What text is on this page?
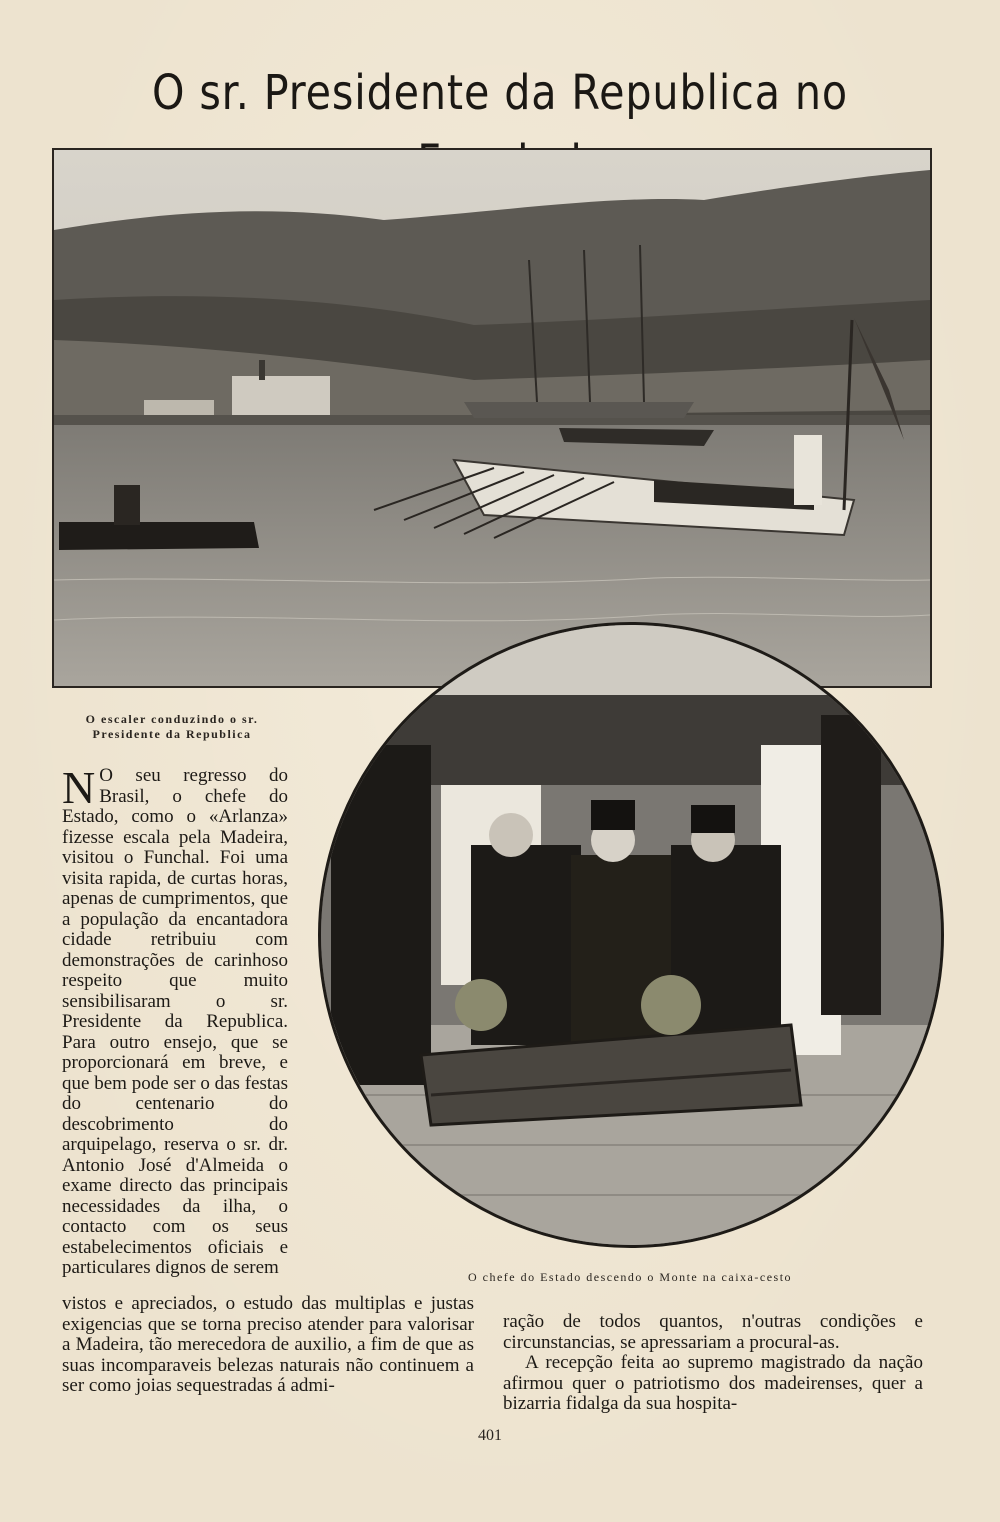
O sr. Presidente da Republica no
O escaler conduzindo o sr. Presidente da Republica
O chefe do Estado descendo o Monte na caixa-cesto
N O seu regresso do Brasil, o chefe do Estado, como o «Arlanza» fizesse escala pela Madeira, visitou o Funchal. Foi uma visita rapida, de curtas horas, apenas de cumprimentos, que a população da encantadora cidade retribuiu com demonstrações de carinhoso respeito que muito sensibilisaram o sr. Presidente da Republica. Para outro ensejo, que se proporcionará em breve, e que bem pode ser o das festas do centenario do descobrimento do arquipelago, reserva o sr. dr. Antonio José d'Almeida o exame directo das principais necessidades da ilha, o contacto com os seus estabelecimentos oficiais e particulares dignos de serem
vistos e apreciados, o estudo das multiplas e justas exigencias que se torna preciso atender para valorisar a Madeira, tão merecedora de auxilio, a fim de que as suas incomparaveis belezas naturais não continuem a ser como joias sequestradas á admi-

ração de todos quantos, n'outras condições e circunstancias, se apressariam a procural-as.

A recepção feita ao supremo magistrado da nação afirmou quer o patriotismo dos madeirenses, quer a bizarria fidalga da sua hospita-

401
